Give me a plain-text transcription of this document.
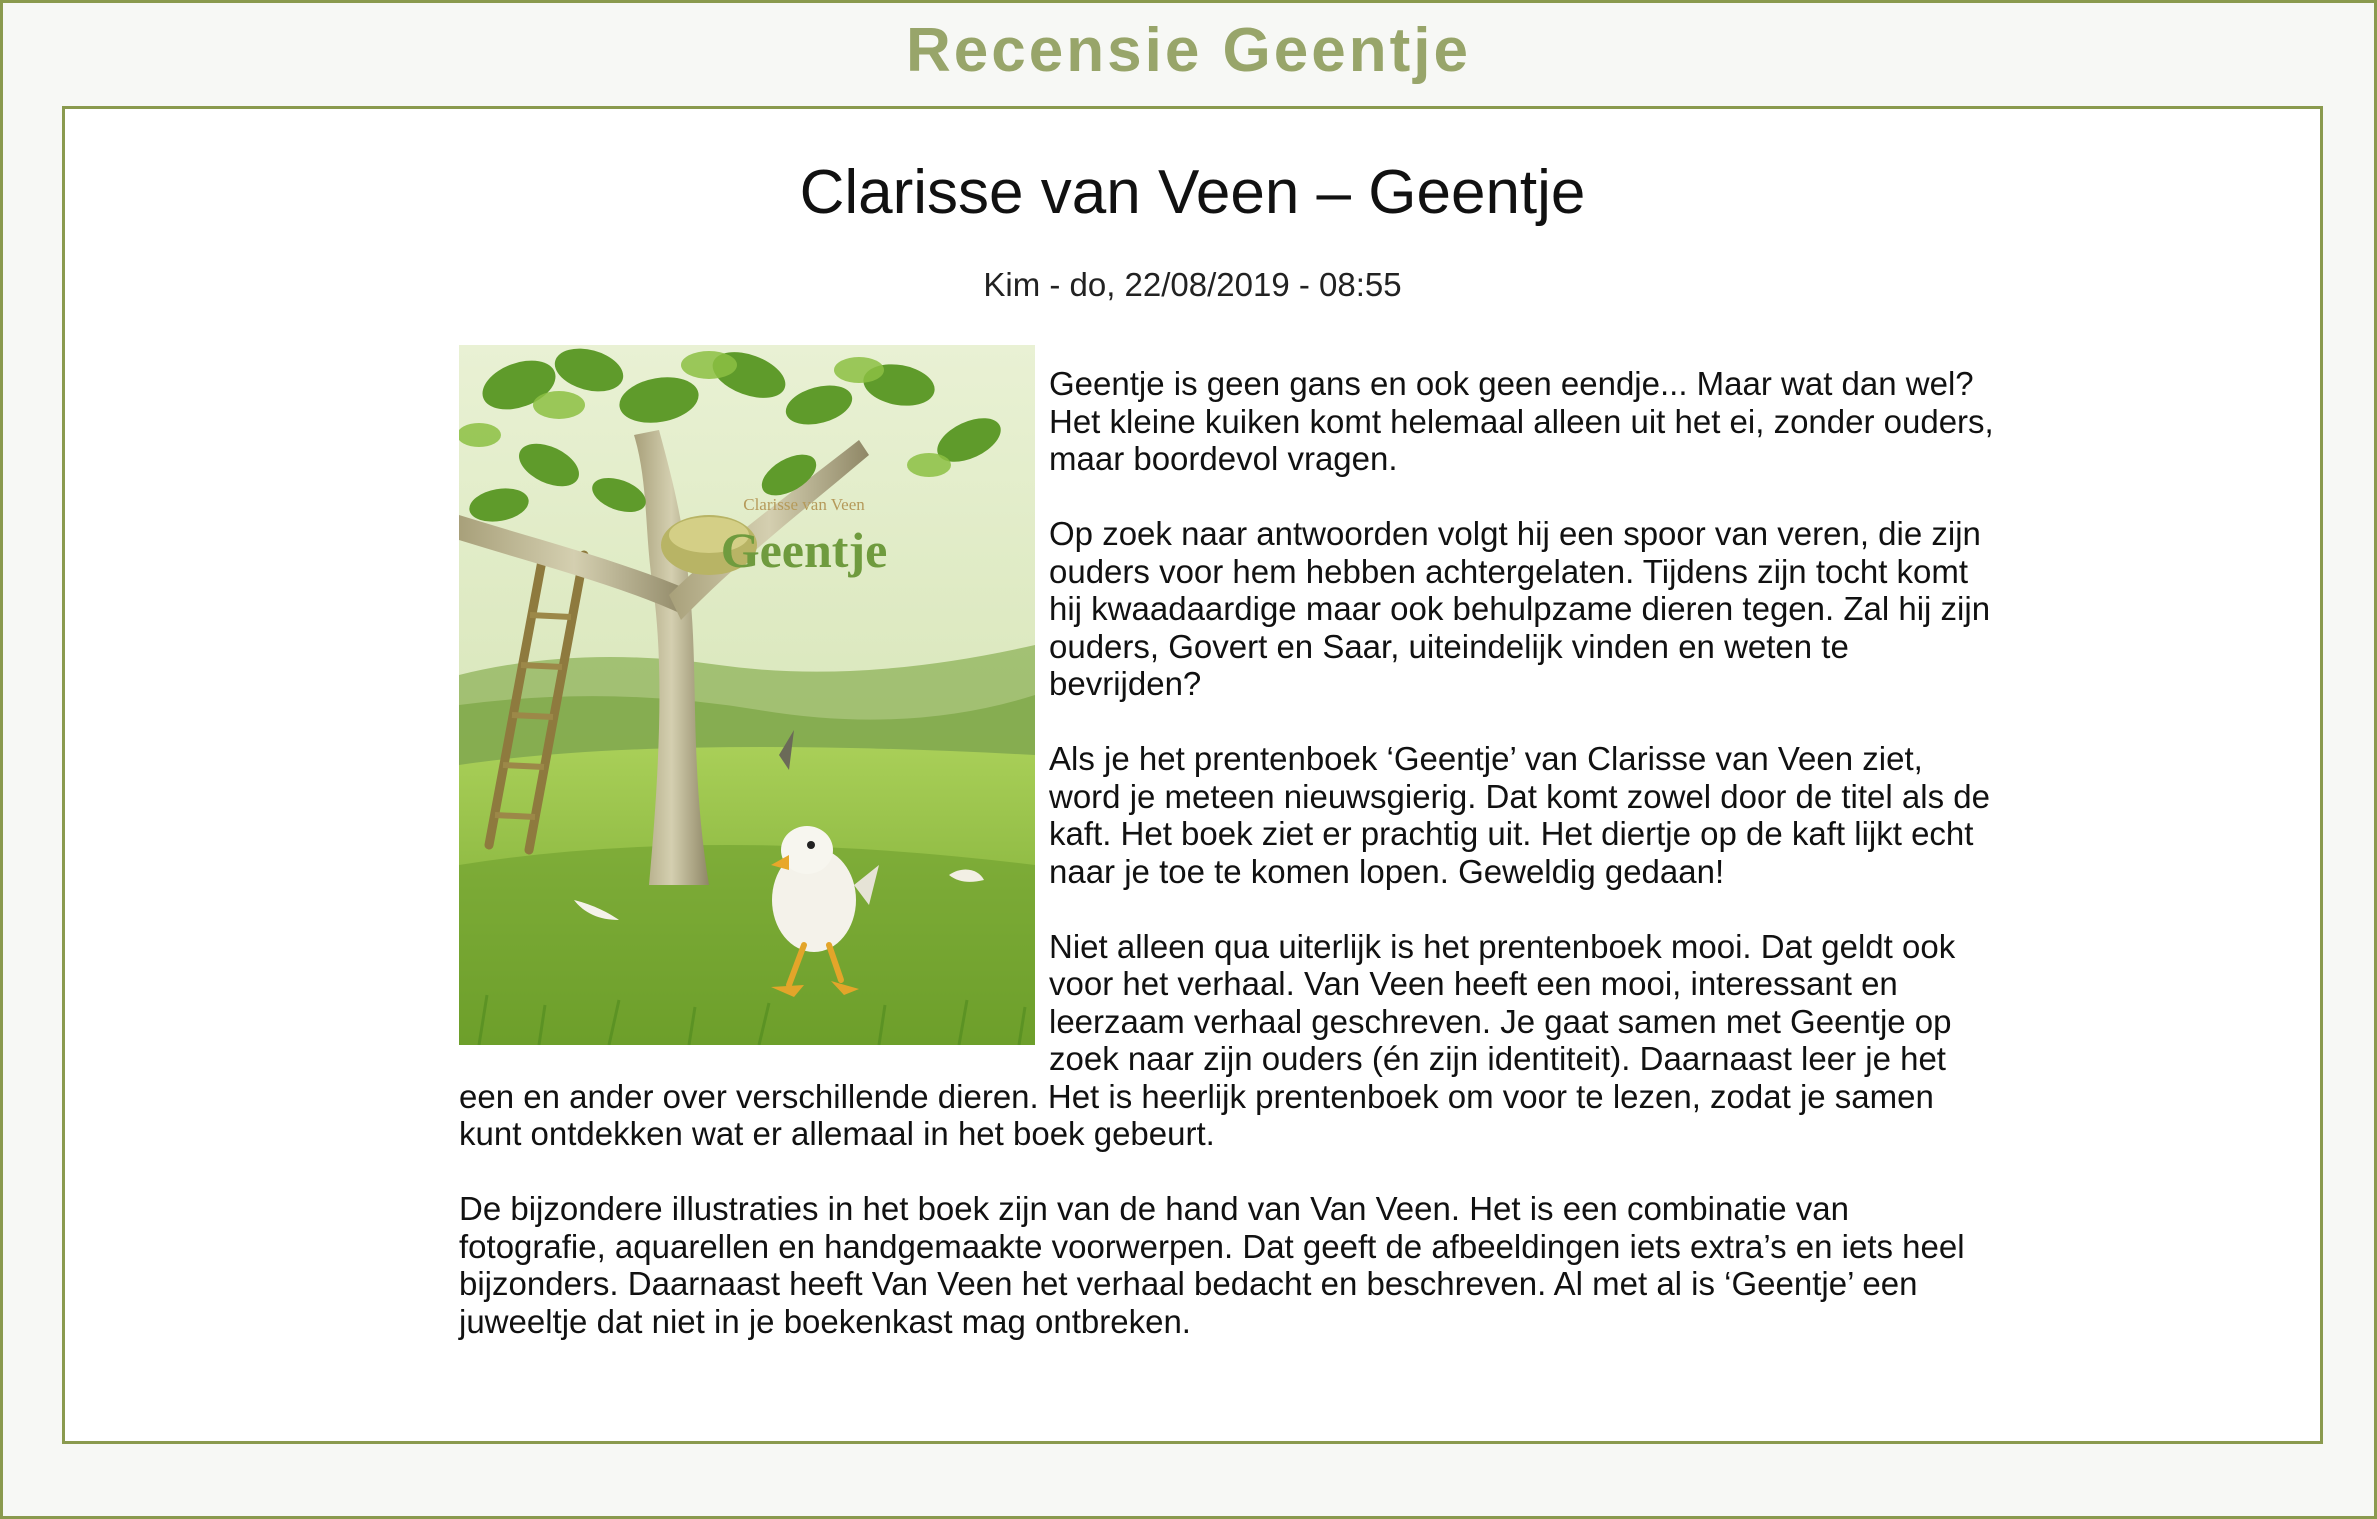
Recensie Geentje
Clarisse van Veen – Geentje
Kim - do, 22/08/2019 - 08:55
Clarisse van Veen
Geentje

Geentje is geen gans en ook geen eendje... Maar wat dan wel? Het kleine kuiken komt helemaal alleen uit het ei, zonder ouders, maar boordevol vragen.

Op zoek naar antwoorden volgt hij een spoor van veren, die zijn ouders voor hem hebben achtergelaten. Tijdens zijn tocht komt hij kwaadaardige maar ook behulpzame dieren tegen. Zal hij zijn ouders, Govert en Saar, uiteindelijk vinden en weten te bevrijden?

Als je het prentenboek ‘Geentje’ van Clarisse van Veen ziet, word je meteen nieuwsgierig. Dat komt zowel door de titel als de kaft. Het boek ziet er prachtig uit. Het diertje op de kaft lijkt echt naar je toe te komen lopen. Geweldig gedaan!

Niet alleen qua uiterlijk is het prentenboek mooi. Dat geldt ook voor het verhaal. Van Veen heeft een mooi, interessant en leerzaam verhaal geschreven. Je gaat samen met Geentje op zoek naar zijn ouders (én zijn identiteit). Daarnaast leer je het een en ander over verschillende dieren. Het is heerlijk prentenboek om voor te lezen, zodat je samen kunt ontdekken wat er allemaal in het boek gebeurt.

De bijzondere illustraties in het boek zijn van de hand van Van Veen. Het is een combinatie van fotografie, aquarellen en handgemaakte voorwerpen. Dat geeft de afbeeldingen iets extra’s en iets heel bijzonders. Daarnaast heeft Van Veen het verhaal bedacht en beschreven. Al met al is ‘Geentje’ een juweeltje dat niet in je boekenkast mag ontbreken.
